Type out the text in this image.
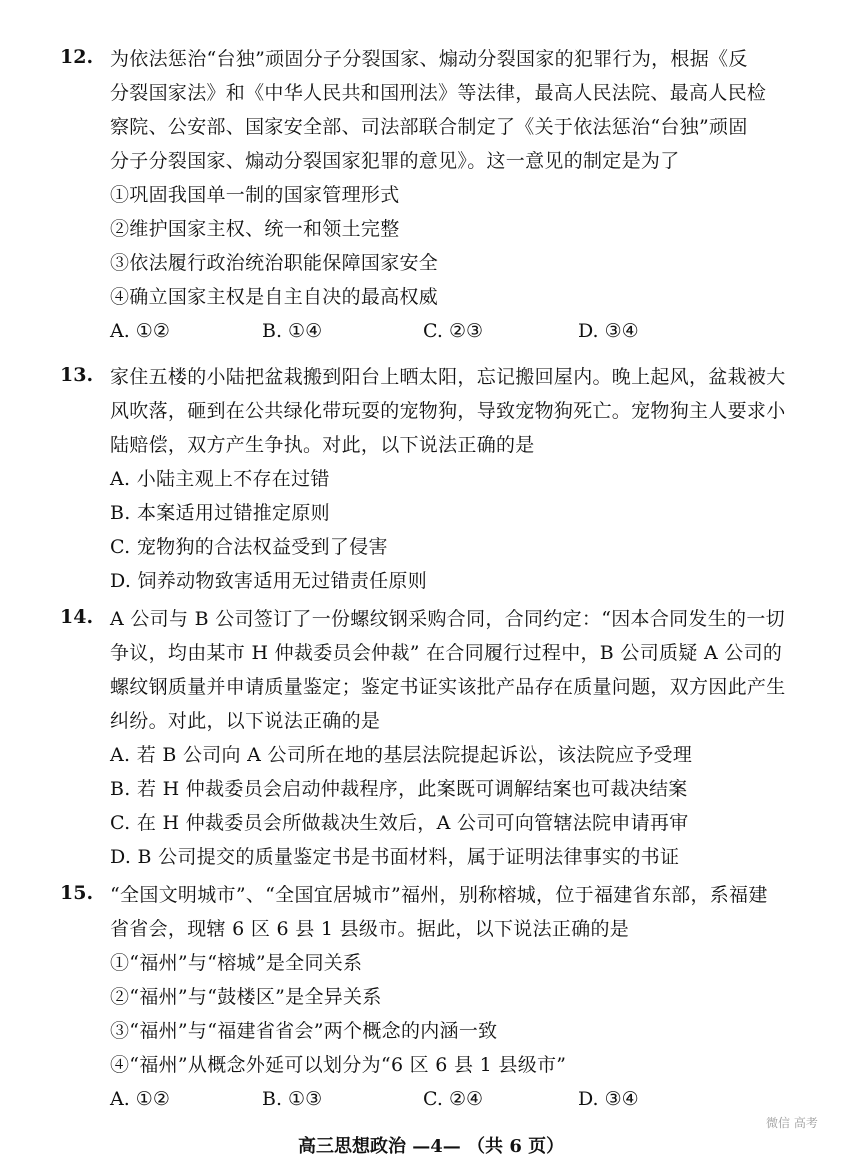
12. 为依法惩治“台独”顽固分子分裂国家、煽动分裂国家的犯罪行为，根据《反
分裂国家法》和《中华人民共和国刑法》等法律，最高人民法院、最高人民检
察院、公安部、国家安全部、司法部联合制定了《关于依法惩治“台独”顽固
分子分裂国家、煽动分裂国家犯罪的意见》。这一意见的制定是为了
①巩固我国单一制的国家管理形式
②维护国家主权、统一和领土完整
③依法履行政治统治职能保障国家安全
④确立国家主权是自主自决的最高权威
A. ①②	B. ①④	C. ②③	D. ③④
13. 家住五楼的小陆把盆栽搬到阳台上晒太阳，忘记搬回屋内。晚上起风，盆栽被大
风吹落，砸到在公共绿化带玩耍的宠物狗，导致宠物狗死亡。宠物狗主人要求小
陆赔偿，双方产生争执。对此，以下说法正确的是
A. 小陆主观上不存在过错
B. 本案适用过错推定原则
C. 宠物狗的合法权益受到了侵害
D. 饲养动物致害适用无过错责任原则
14. A 公司与 B 公司签订了一份螺纹钢采购合同，合同约定：“因本合同发生的一切
争议，均由某市 H 仲裁委员会仲裁” 在合同履行过程中，B 公司质疑 A 公司的
螺纹钢质量并申请质量鉴定；鉴定书证实该批产品存在质量问题，双方因此产生
纠纷。对此，以下说法正确的是
A. 若 B 公司向 A 公司所在地的基层法院提起诉讼，该法院应予受理
B. 若 H 仲裁委员会启动仲裁程序，此案既可调解结案也可裁决结案
C. 在 H 仲裁委员会所做裁决生效后，A 公司可向管辖法院申请再审
D. B 公司提交的质量鉴定书是书面材料，属于证明法律事实的书证
15. “全国文明城市”、“全国宜居城市”福州，别称榕城，位于福建省东部，系福建
省省会，现辖 6 区 6 县 1 县级市。据此，以下说法正确的是
①“福州”与“榕城”是全同关系
②“福州”与“鼓楼区”是全异关系
③“福州”与“福建省省会”两个概念的内涵一致
④“福州”从概念外延可以划分为“6 区 6 县 1 县级市”
A. ①②	B. ①③	C. ②④	D. ③④
高三思想政治 —4— （共 6 页）
微信 高考
